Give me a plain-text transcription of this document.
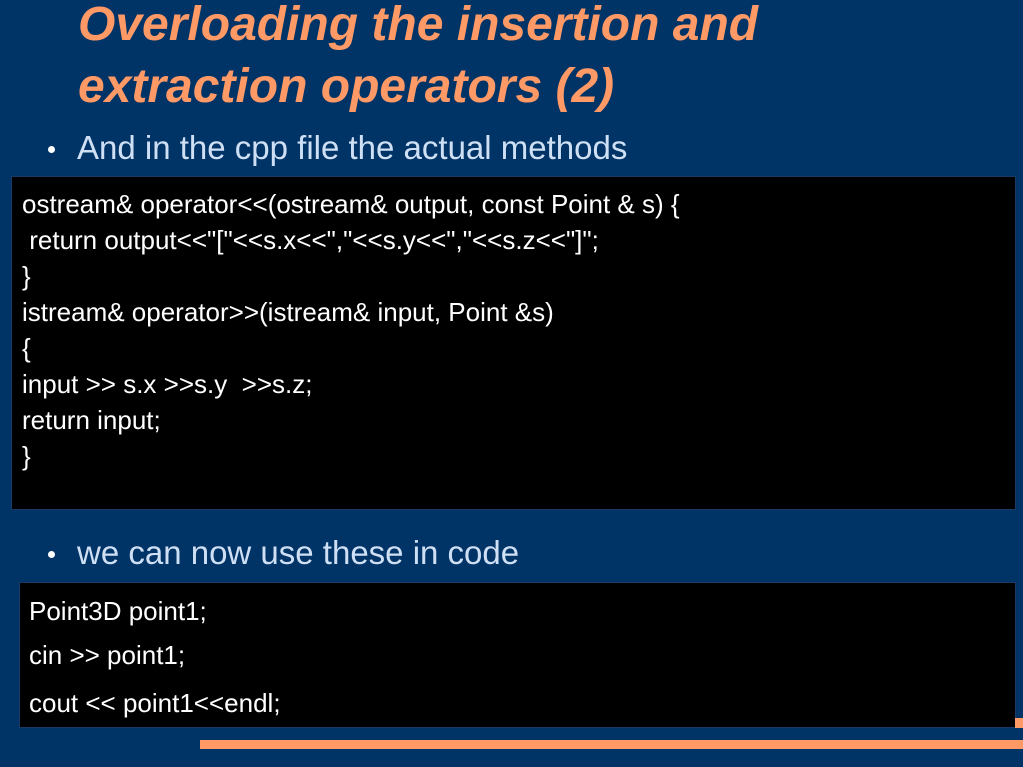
Overloading the insertion and
extraction operators (2)
And in the cpp file the actual methods
ostream& operator<<(ostream& output, const Point & s) {
return output<<"["<<s.x<<","<<s.y<<","<<s.z<<"]";
}
istream& operator>>(istream& input, Point &s)
{
input >> s.x >>s.y  >>s.z;
return input;
}
we can now use these in code
Point3D point1;
cin >> point1;
cout << point1<<endl;
